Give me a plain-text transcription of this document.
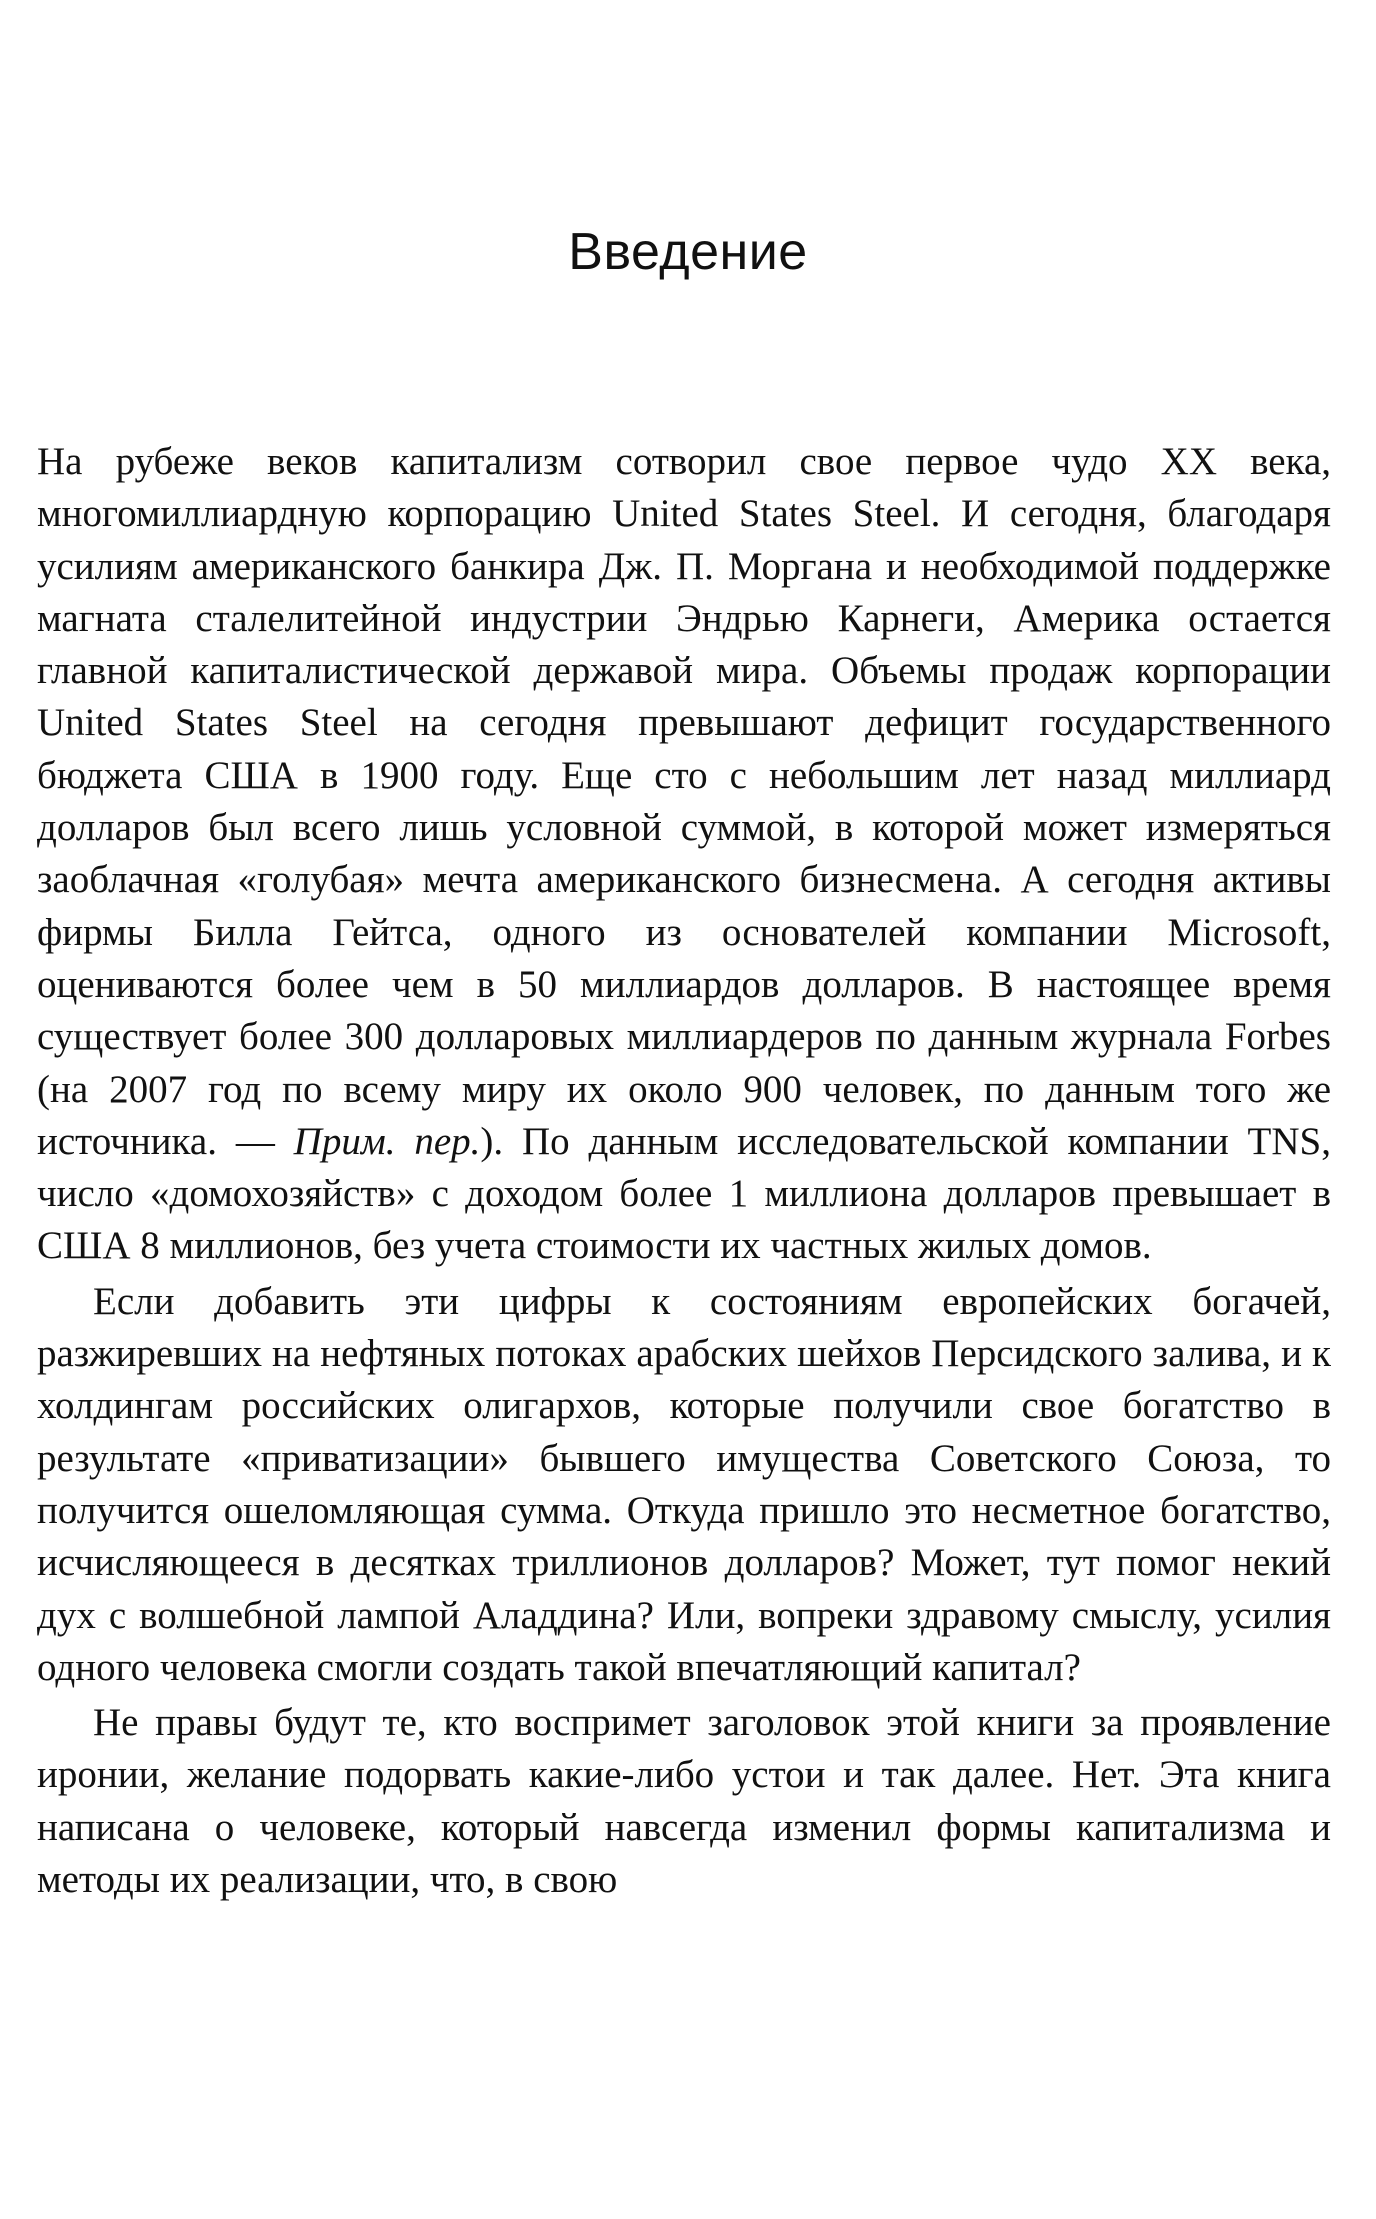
Введение

На рубеже веков капитализм сотворил свое первое чудо XX века, многомиллиардную корпорацию United States Steel. И сегодня, благодаря усилиям американского банкира Дж. П. Моргана и необходимой поддержке магната сталелитейной индустрии Эндрью Карнеги, Америка остается главной капиталистической державой мира. Объемы продаж корпорации United States Steel на сегодня превышают дефицит государственного бюджета США в 1900 году. Еще сто с небольшим лет назад миллиард долларов был всего лишь условной суммой, в которой может измеряться заоблачная «голубая» мечта американского бизнесмена. А сегодня активы фирмы Билла Гейтса, одного из основателей компании Microsoft, оцениваются более чем в 50 миллиардов долларов. В настоящее время существует более 300 долларовых миллиардеров по данным журнала Forbes (на 2007 год по всему миру их около 900 человек, по данным того же источника. — Прим. пер.). По данным исследовательской компании TNS, число «домохозяйств» с доходом более 1 миллиона долларов превышает в США 8 миллионов, без учета стоимости их частных жилых домов.

Если добавить эти цифры к состояниям европейских богачей, разжиревших на нефтяных потоках арабских шейхов Персидского залива, и к холдингам российских олигархов, которые получили свое богатство в результате «приватизации» бывшего имущества Советского Союза, то получится ошеломляющая сумма. Откуда пришло это несметное богатство, исчисляющееся в десятках триллионов долларов? Может, тут помог некий дух с волшебной лампой Аладдина? Или, вопреки здравому смыслу, усилия одного человека смогли создать такой впечатляющий капитал?

Не правы будут те, кто воспримет заголовок этой книги за проявление иронии, желание подорвать какие-либо устои и так далее. Нет. Эта книга написана о человеке, который навсегда изменил формы капитализма и методы их реализации, что, в свою
